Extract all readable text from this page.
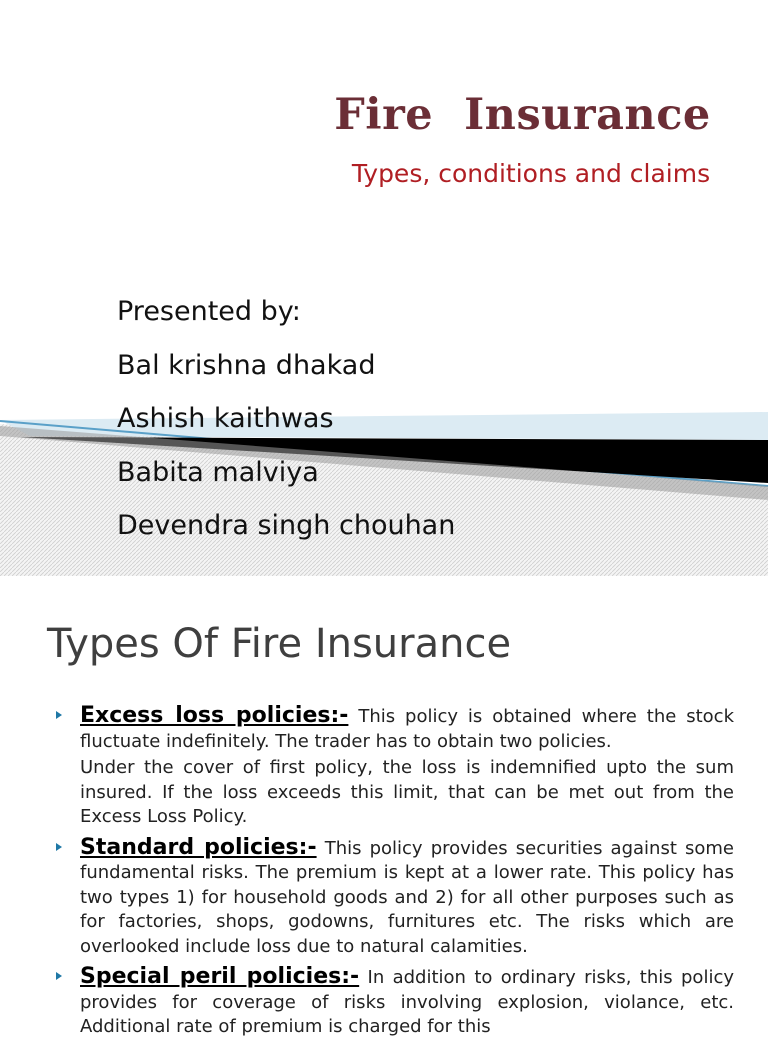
Fire  Insurance
Types, conditions and claims
Presented by:
Bal krishna dhakad
Ashish kaithwas
Babita malviya
Devendra singh chouhan
Types Of Fire Insurance

Excess loss policies:- This policy is obtained where the stock fluctuate indefinitely. The trader has to obtain two policies.

Under the cover of first policy, the loss is indemnified upto the sum insured. If the loss exceeds this limit, that can be met out from the Excess Loss Policy.

Standard policies:- This policy provides securities against some fundamental risks. The premium is kept at a lower rate. This policy has two types 1) for household goods and 2) for all other purposes such as for factories, shops, godowns, furnitures etc. The risks which are overlooked include loss due to natural calamities.

Special peril policies:- In addition to ordinary risks, this policy provides for coverage of risks involving explosion, violance, etc. Additional rate of premium is charged for this
